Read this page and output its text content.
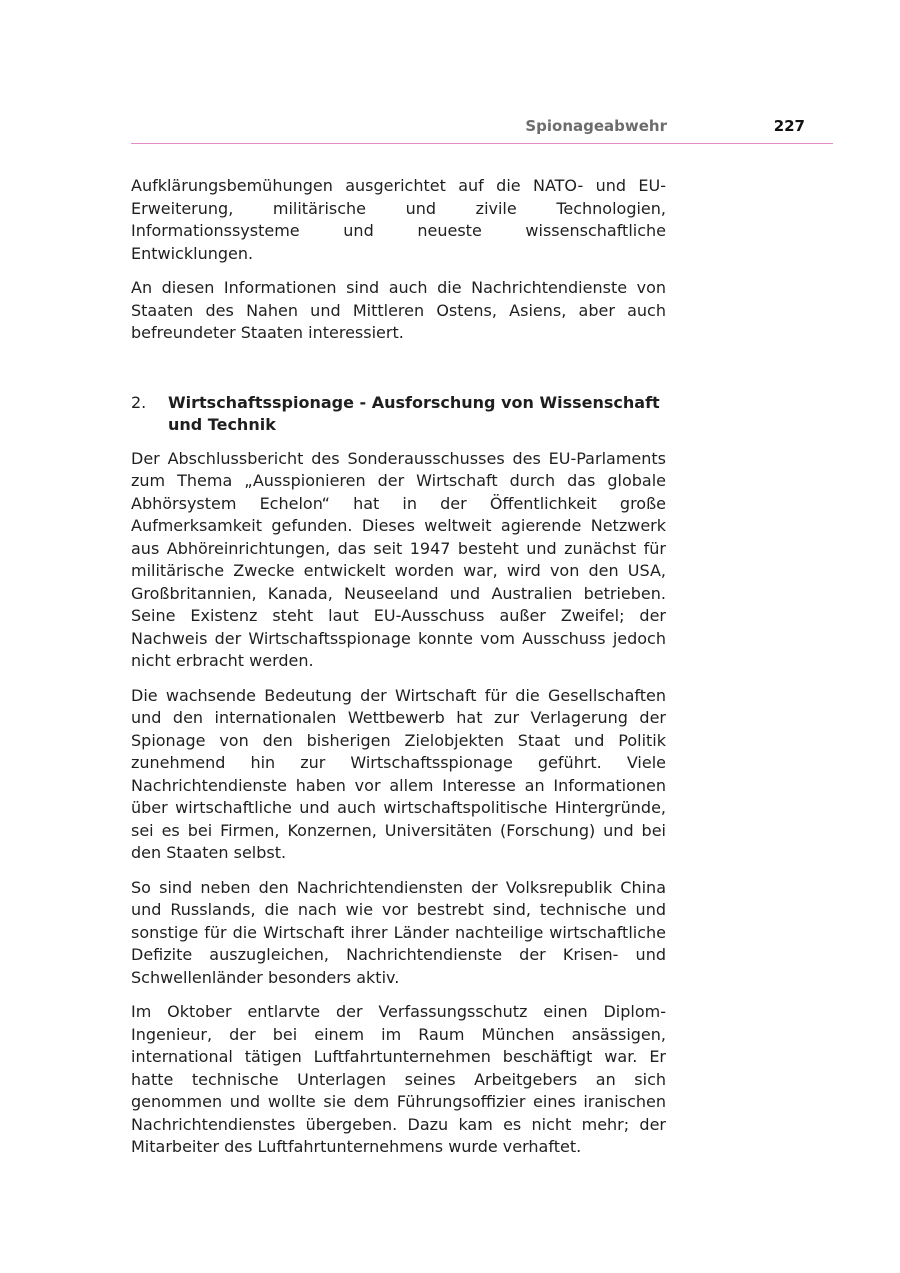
Spionageabwehr	227

Aufklärungsbemühungen ausgerichtet auf die NATO- und EU-Erweiterung, militärische und zivile Technologien, Informationssysteme und neueste wissenschaftliche Entwicklungen.

An diesen Informationen sind auch die Nachrichtendienste von Staaten des Nahen und Mittleren Ostens, Asiens, aber auch befreundeter Staaten interessiert.

2.	Wirtschaftsspionage - Ausforschung von Wissenschaft und Technik

Der Abschlussbericht des Sonderausschusses des EU-Parlaments zum Thema „Ausspionieren der Wirtschaft durch das globale Abhörsystem Echelon“ hat in der Öffentlichkeit große Aufmerksamkeit gefunden. Dieses weltweit agierende Netzwerk aus Abhöreinrichtungen, das seit 1947 besteht und zunächst für militärische Zwecke entwickelt worden war, wird von den USA, Großbritannien, Kanada, Neuseeland und Australien betrieben. Seine Existenz steht laut EU-Ausschuss außer Zweifel; der Nachweis der Wirtschaftsspionage konnte vom Ausschuss jedoch nicht erbracht werden.

Die wachsende Bedeutung der Wirtschaft für die Gesellschaften und den internationalen Wettbewerb hat zur Verlagerung der Spionage von den bisherigen Zielobjekten Staat und Politik zunehmend hin zur Wirtschaftsspionage geführt. Viele Nachrichtendienste haben vor allem Interesse an Informationen über wirtschaftliche und auch wirtschaftspolitische Hintergründe, sei es bei Firmen, Konzernen, Universitäten (Forschung) und bei den Staaten selbst.

So sind neben den Nachrichtendiensten der Volksrepublik China und Russlands, die nach wie vor bestrebt sind, technische und sonstige für die Wirtschaft ihrer Länder nachteilige wirtschaftliche Defizite auszugleichen, Nachrichtendienste der Krisen- und Schwellenländer besonders aktiv.

Im Oktober entlarvte der Verfassungsschutz einen Diplom-Ingenieur, der bei einem im Raum München ansässigen, international tätigen Luftfahrtunternehmen beschäftigt war. Er hatte technische Unterlagen seines Arbeitgebers an sich genommen und wollte sie dem Führungsoffizier eines iranischen Nachrichtendienstes übergeben. Dazu kam es nicht mehr; der Mitarbeiter des Luftfahrtunternehmens wurde verhaftet.
